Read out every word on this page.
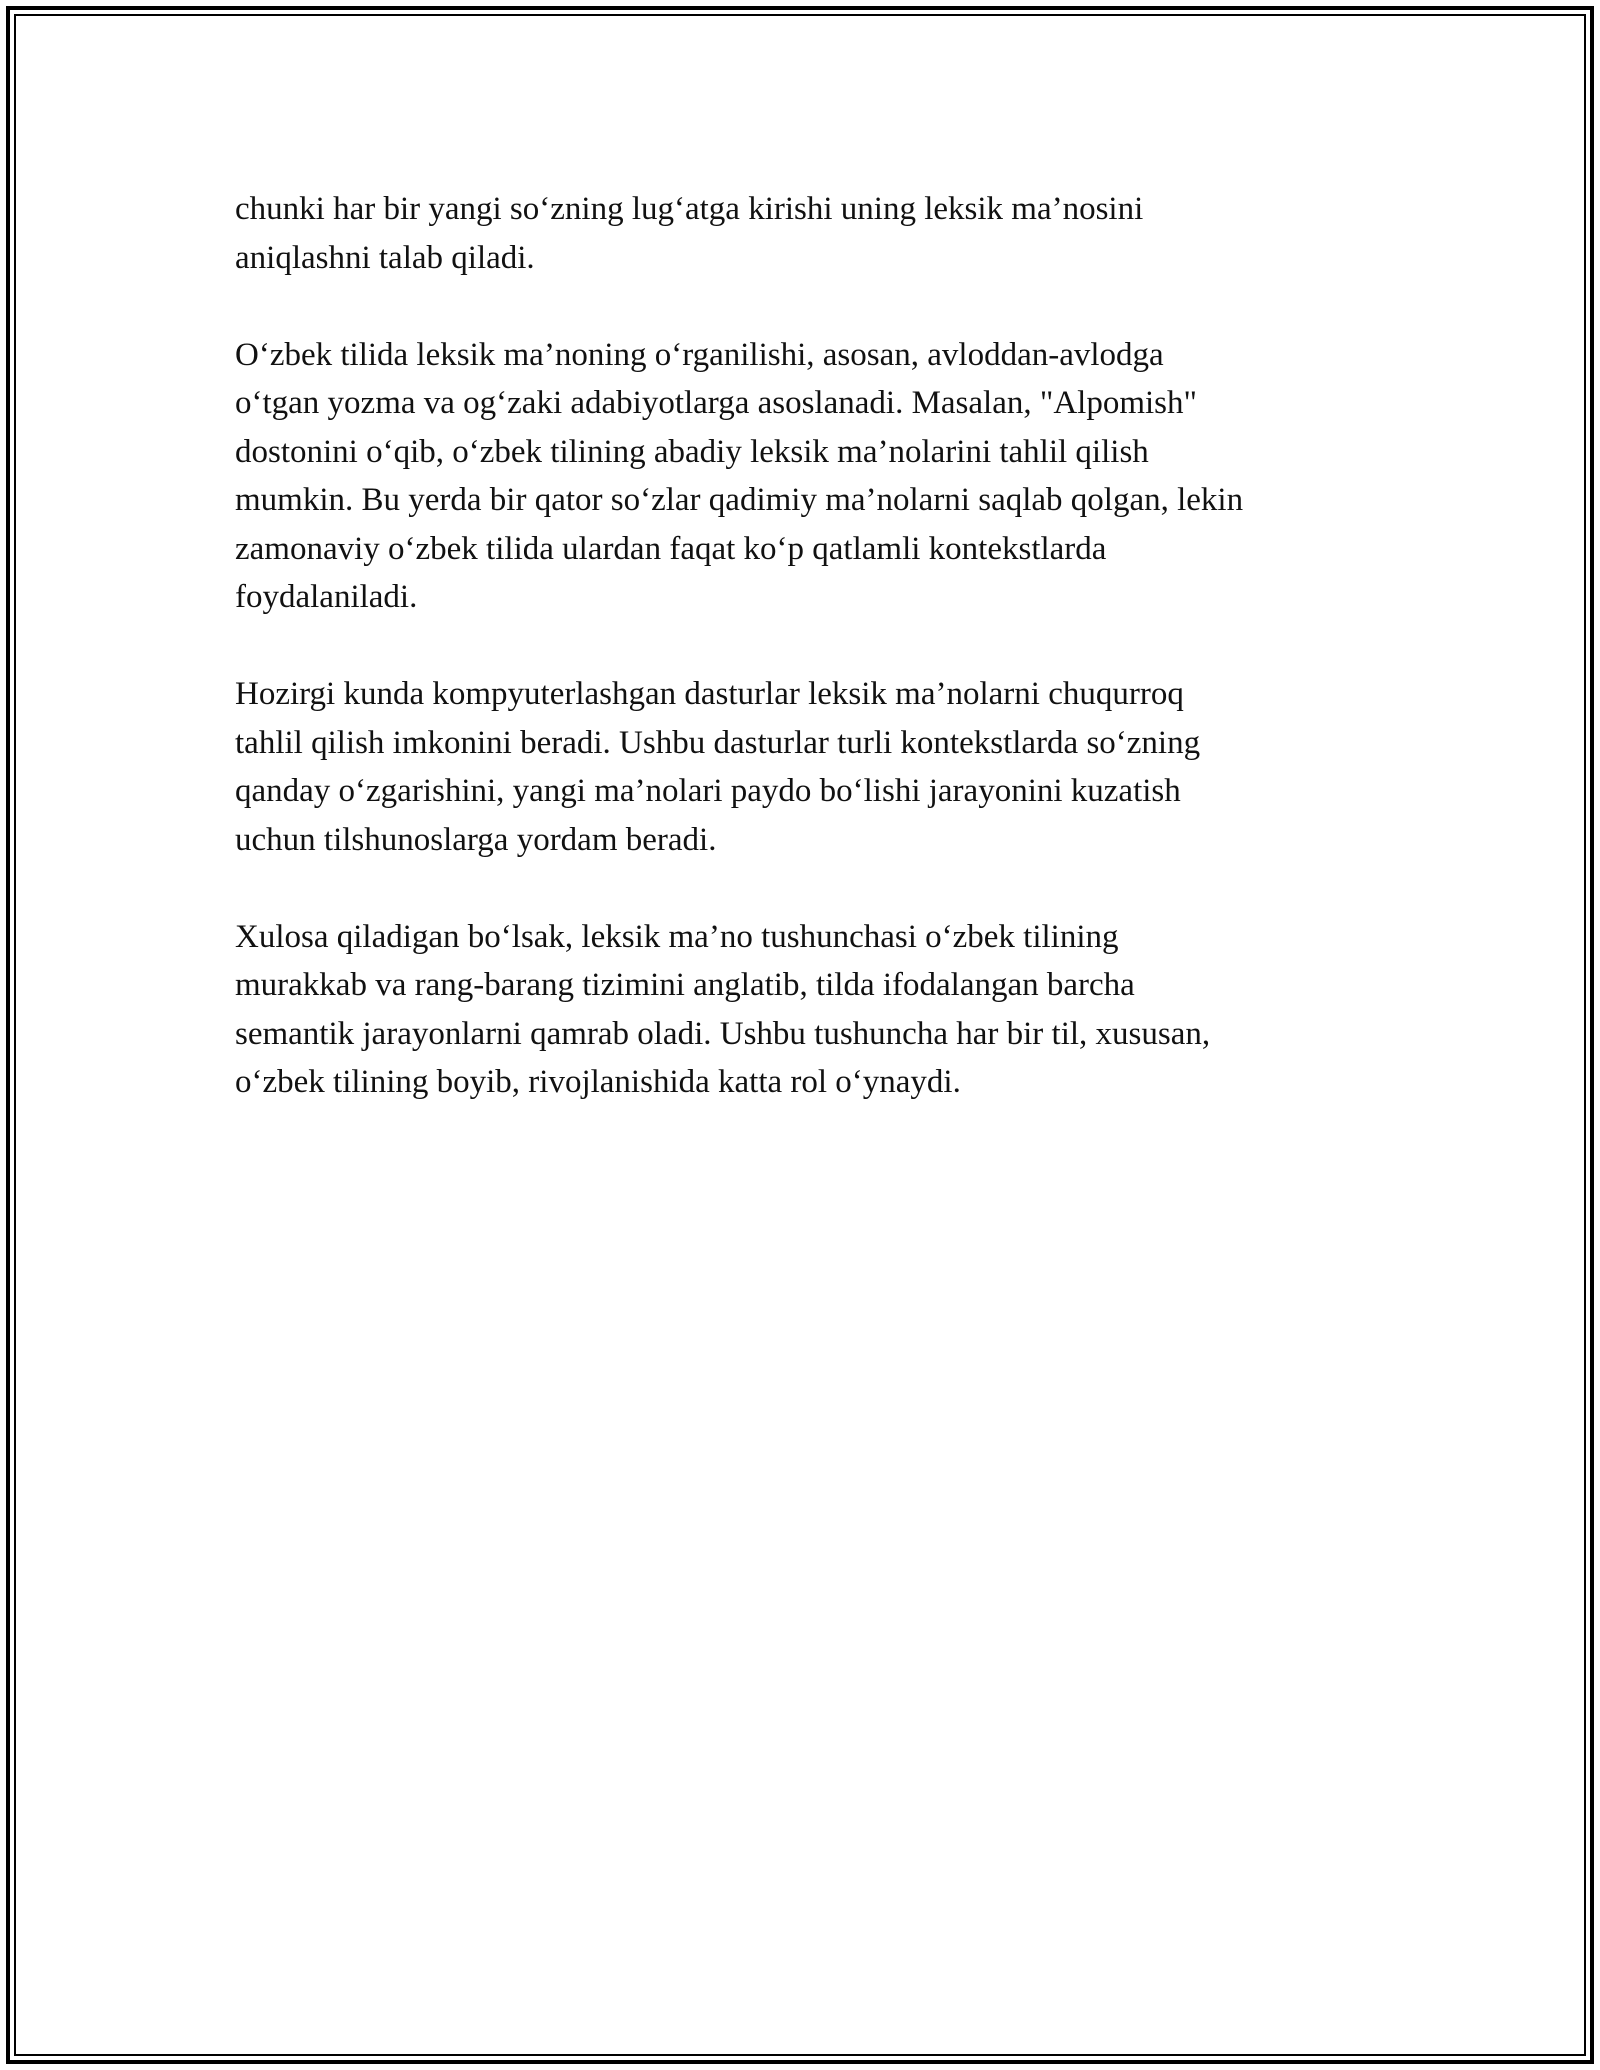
chunki har bir yangi so‘zning lug‘atga kirishi uning leksik ma’nosini
aniqlashni talab qiladi.

O‘zbek tilida leksik ma’noning o‘rganilishi, asosan, avloddan-avlodga
o‘tgan yozma va og‘zaki adabiyotlarga asoslanadi. Masalan, "Alpomish"
dostonini o‘qib, o‘zbek tilining abadiy leksik ma’nolarini tahlil qilish
mumkin. Bu yerda bir qator so‘zlar qadimiy ma’nolarni saqlab qolgan, lekin
zamonaviy o‘zbek tilida ulardan faqat ko‘p qatlamli kontekstlarda
foydalaniladi.

Hozirgi kunda kompyuterlashgan dasturlar leksik ma’nolarni chuqurroq
tahlil qilish imkonini beradi. Ushbu dasturlar turli kontekstlarda so‘zning
qanday o‘zgarishini, yangi ma’nolari paydo bo‘lishi jarayonini kuzatish
uchun tilshunoslarga yordam beradi.

Xulosa qiladigan bo‘lsak, leksik ma’no tushunchasi o‘zbek tilining
murakkab va rang-barang tizimini anglatib, tilda ifodalangan barcha
semantik jarayonlarni qamrab oladi. Ushbu tushuncha har bir til, xususan,
o‘zbek tilining boyib, rivojlanishida katta rol o‘ynaydi.
